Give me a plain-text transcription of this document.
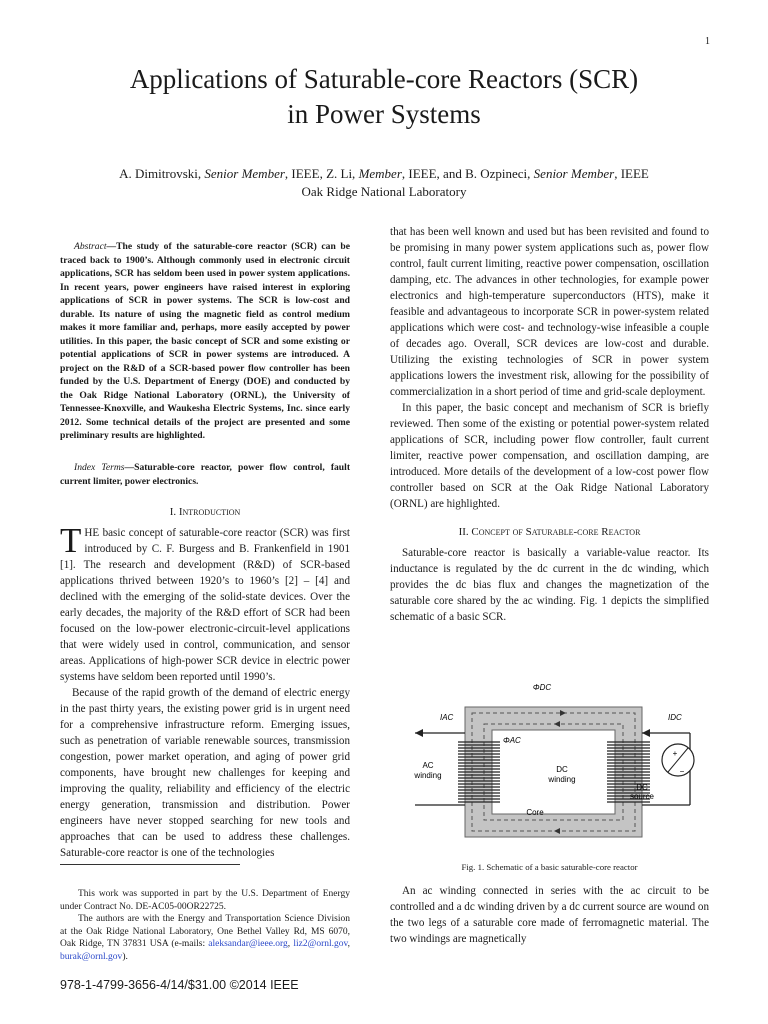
1
Applications of Saturable-core Reactors (SCR)
in Power Systems
A. Dimitrovski, Senior Member, IEEE, Z. Li, Member, IEEE, and B. Ozpineci, Senior Member, IEEE
Oak Ridge National Laboratory
Abstract—The study of the saturable-core reactor (SCR) can be traced back to 1900’s. Although commonly used in electronic circuit applications, SCR has seldom been used in power system applications. In recent years, power engineers have raised interest in exploring applications of SCR in power systems. The SCR is low-cost and durable. Its nature of using the magnetic field as control medium makes it more familiar and, perhaps, more easily accepted by power utilities. In this paper, the basic concept of SCR and some existing or potential applications of SCR in power systems are introduced. A project on the R&D of a SCR-based power flow controller has been funded by the U.S. Department of Energy (DOE) and conducted by the Oak Ridge National Laboratory (ORNL), the University of Tennessee-Knoxville, and Waukesha Electric Systems, Inc. since early 2012. Some technical details of the project are presented and some preliminary results are highlighted.
Index Terms—Saturable-core reactor, power flow control, fault current limiter, power electronics.
I. Introduction

THE basic concept of saturable-core reactor (SCR) was first introduced by C. F. Burgess and B. Frankenfield in 1901 [1]. The research and development (R&D) of SCR-based applications thrived between 1920’s to 1960’s [2] – [4] and declined with the emerging of the solid-state devices. Over the early decades, the majority of the R&D effort of SCR had been focused on the low-power electronic-circuit-level applications that were widely used in control, communication, and sensor areas. Applications of high-power SCR device in electric power systems have seldom been reported until 1990’s.

Because of the rapid growth of the demand of electric energy in the past thirty years, the existing power grid is in urgent need for a comprehensive infrastructure reform. Emerging issues, such as penetration of variable renewable sources, transmission congestion, power market operation, and aging of power grid components, have brought new challenges for keeping and improving the quality, reliability and efficiency of the electric energy generation, transmission and distribution. Power engineers have never stopped searching for new tools and approaches that can be used to address these challenges. Saturable-core reactor is one of the technologies

This work was supported in part by the U.S. Department of Energy under Contract No. DE-AC05-00OR22725.

The authors are with the Energy and Transportation Science Division at the Oak Ridge National Laboratory, One Bethel Valley Rd, MS 6070, Oak Ridge, TN 37831 USA (e-mails: aleksandar@ieee.org, liz2@ornl.gov, burak@ornl.gov).

978-1-4799-3656-4/14/$31.00 ©2014 IEEE

that has been well known and used but has been revisited and found to be promising in many power system applications such as, power flow control, fault current limiting, reactive power compensation, oscillation damping, etc. The advances in other technologies, for example power electronics and high-temperature superconductors (HTS), make it feasible and advantageous to incorporate SCR in power-system related applications which were cost- and technology-wise infeasible a couple of decades ago. Overall, SCR devices are low-cost and durable. Utilizing the existing technologies of SCR in power system applications lowers the investment risk, allowing for the possibility of commercialization in a short period of time and grid-scale deployment.

In this paper, the basic concept and mechanism of SCR is briefly reviewed. Then some of the existing or potential power-system related applications of SCR, including power flow controller, fault current limiter, reactive power compensation, and oscillation damping, are introduced. More details of the development of a low-cost power flow controller based on SCR at the Oak Ridge National Laboratory (ORNL) are highlighted.

II. Concept of Saturable-core Reactor

Saturable-core reactor is basically a variable-value reactor. Its inductance is regulated by the dc current in the dc winding, which provides the dc bias flux and changes the magnetization of the saturable core shared by the ac winding. Fig. 1 depicts the simplified schematic of a basic SCR.

ΦDC
ΦAC
IAC	IDC
AC
winding
DC
winding
DC
source
Core
+
−
Fig. 1. Schematic of a basic saturable-core reactor

An ac winding connected in series with the ac circuit to be controlled and a dc winding driven by a dc current source are wound on the two legs of a saturable core made of ferromagnetic material. The two windings are magnetically
